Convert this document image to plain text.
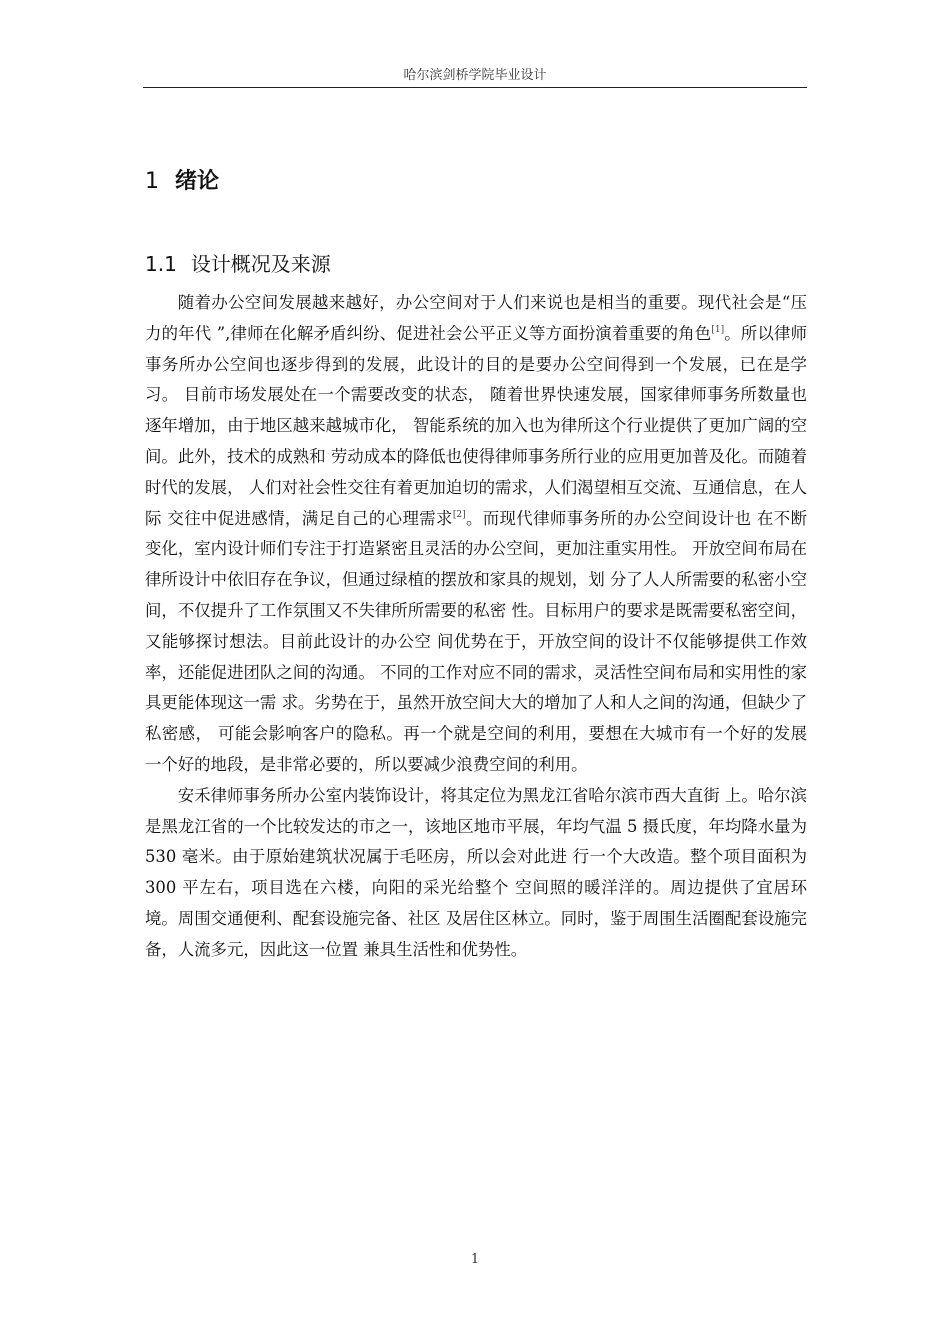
哈尔滨剑桥学院毕业设计
1 绪论
1.1 设计概况及来源

随着办公空间发展越来越好，办公空间对于人们来说也是相当的重要。现代社会是“压力的年代 ”,律师在化解矛盾纠纷、促进社会公平正义等方面扮演着重要的角色[1]。所以律师事务所办公空间也逐步得到的发展，此设计的目的是要办公空间得到一个发展，已在是学习。 目前市场发展处在一个需要改变的状态， 随着世界快速发展，国家律师事务所数量也逐年增加，由于地区越来越城市化， 智能系统的加入也为律所这个行业提供了更加广阔的空间。此外，技术的成熟和 劳动成本的降低也使得律师事务所行业的应用更加普及化。而随着时代的发展， 人们对社会性交往有着更加迫切的需求，人们渴望相互交流、互通信息，在人际 交往中促进感情，满足自己的心理需求[2]。而现代律师事务所的办公空间设计也 在不断变化，室内设计师们专注于打造紧密且灵活的办公空间，更加注重实用性。 开放空间布局在律所设计中依旧存在争议，但通过绿植的摆放和家具的规划，划 分了人人所需要的私密小空间，不仅提升了工作氛围又不失律所所需要的私密 性。目标用户的要求是既需要私密空间，又能够探讨想法。目前此设计的办公空 间优势在于，开放空间的设计不仅能够提供工作效率，还能促进团队之间的沟通。 不同的工作对应不同的需求，灵活性空间布局和实用性的家具更能体现这一需 求。劣势在于，虽然开放空间大大的增加了人和人之间的沟通，但缺少了私密感， 可能会影响客户的隐私。再一个就是空间的利用，要想在大城市有一个好的发展 一个好的地段，是非常必要的，所以要减少浪费空间的利用。

安禾律师事务所办公室内装饰设计，将其定位为黑龙江省哈尔滨市西大直街 上。哈尔滨是黑龙江省的一个比较发达的市之一，该地区地市平展，年均气温 5 摄氏度，年均降水量为 530 毫米。由于原始建筑状况属于毛呸房，所以会对此进 行一个大改造。整个项目面积为 300 平左右，项目选在六楼，向阳的采光给整个 空间照的暖洋洋的。周边提供了宜居环境。周围交通便利、配套设施完备、社区 及居住区林立。同时，鉴于周围生活圈配套设施完备，人流多元，因此这一位置 兼具生活性和优势性。

1
